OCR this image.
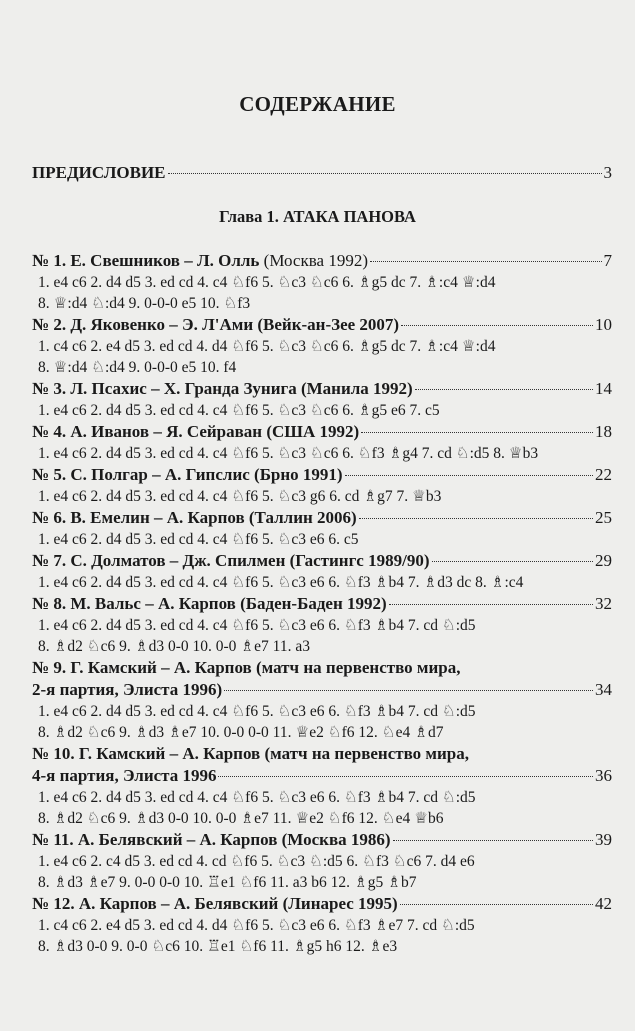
СОДЕРЖАНИЕ
ПРЕДИСЛОВИЕ	3
Глава 1. АТАКА ПАНОВА
№ 1. Е. Свешников – Л. Олль (Москва 1992)	7
1. e4 c6 2. d4 d5 3. ed cd 4. c4 ♘f6 5. ♘c3 ♘c6 6. ♗g5 dc 7. ♗:c4 ♕:d4
8. ♕:d4 ♘:d4 9. 0-0-0 e5 10. ♘f3
№ 2. Д. Яковенко – Э. Л'Ами (Вейк-ан-Зее 2007)	10
1. c4 c6 2. e4 d5 3. ed cd 4. d4 ♘f6 5. ♘c3 ♘c6 6. ♗g5 dc 7. ♗:c4 ♕:d4
8. ♕:d4 ♘:d4 9. 0-0-0 e5 10. f4
№ 3. Л. Псахис – Х. Гранда Зунига (Манила 1992)	14
1. e4 c6 2. d4 d5 3. ed cd 4. c4 ♘f6 5. ♘c3 ♘c6 6. ♗g5 e6 7. c5
№ 4. А. Иванов – Я. Сейраван (США 1992)	18
1. e4 c6 2. d4 d5 3. ed cd 4. c4 ♘f6 5. ♘c3 ♘c6 6. ♘f3 ♗g4 7. cd ♘:d5 8. ♕b3
№ 5. С. Полгар – А. Гипслис (Брно 1991)	22
1. e4 c6 2. d4 d5 3. ed cd 4. c4 ♘f6 5. ♘c3 g6 6. cd ♗g7 7. ♕b3
№ 6. В. Емелин – А. Карпов (Таллин 2006)	25
1. e4 c6 2. d4 d5 3. ed cd 4. c4 ♘f6 5. ♘c3 e6 6. c5
№ 7. С. Долматов – Дж. Спилмен (Гастингс 1989/90)	29
1. e4 c6 2. d4 d5 3. ed cd 4. c4 ♘f6 5. ♘c3 e6 6. ♘f3 ♗b4 7. ♗d3 dc 8. ♗:c4
№ 8. М. Вальс – А. Карпов (Баден-Баден 1992)	32
1. e4 c6 2. d4 d5 3. ed cd 4. c4 ♘f6 5. ♘c3 e6 6. ♘f3 ♗b4 7. cd ♘:d5
8. ♗d2 ♘c6 9. ♗d3 0-0 10. 0-0 ♗e7 11. a3
№ 9. Г. Камский – А. Карпов (матч на первенство мира,
2-я партия, Элиста 1996)	34
1. e4 c6 2. d4 d5 3. ed cd 4. c4 ♘f6 5. ♘c3 e6 6. ♘f3 ♗b4 7. cd ♘:d5
8. ♗d2 ♘c6 9. ♗d3 ♗e7 10. 0-0 0-0 11. ♕e2 ♘f6 12. ♘e4 ♗d7
№ 10. Г. Камский – А. Карпов (матч на первенство мира,
4-я партия, Элиста 1996	36
1. e4 c6 2. d4 d5 3. ed cd 4. c4 ♘f6 5. ♘c3 e6 6. ♘f3 ♗b4 7. cd ♘:d5
8. ♗d2 ♘c6 9. ♗d3 0-0 10. 0-0 ♗e7 11. ♕e2 ♘f6 12. ♘e4 ♕b6
№ 11. А. Белявский – А. Карпов (Москва 1986)	39
1. e4 c6 2. c4 d5 3. ed cd 4. cd ♘f6 5. ♘c3 ♘:d5 6. ♘f3 ♘c6 7. d4 e6
8. ♗d3 ♗e7 9. 0-0 0-0 10. ♖e1 ♘f6 11. a3 b6 12. ♗g5 ♗b7
№ 12. А. Карпов – А. Белявский (Линарес 1995)	42
1. c4 c6 2. e4 d5 3. ed cd 4. d4 ♘f6 5. ♘c3 e6 6. ♘f3 ♗e7 7. cd ♘:d5
8. ♗d3 0-0 9. 0-0 ♘c6 10. ♖e1 ♘f6 11. ♗g5 h6 12. ♗e3
